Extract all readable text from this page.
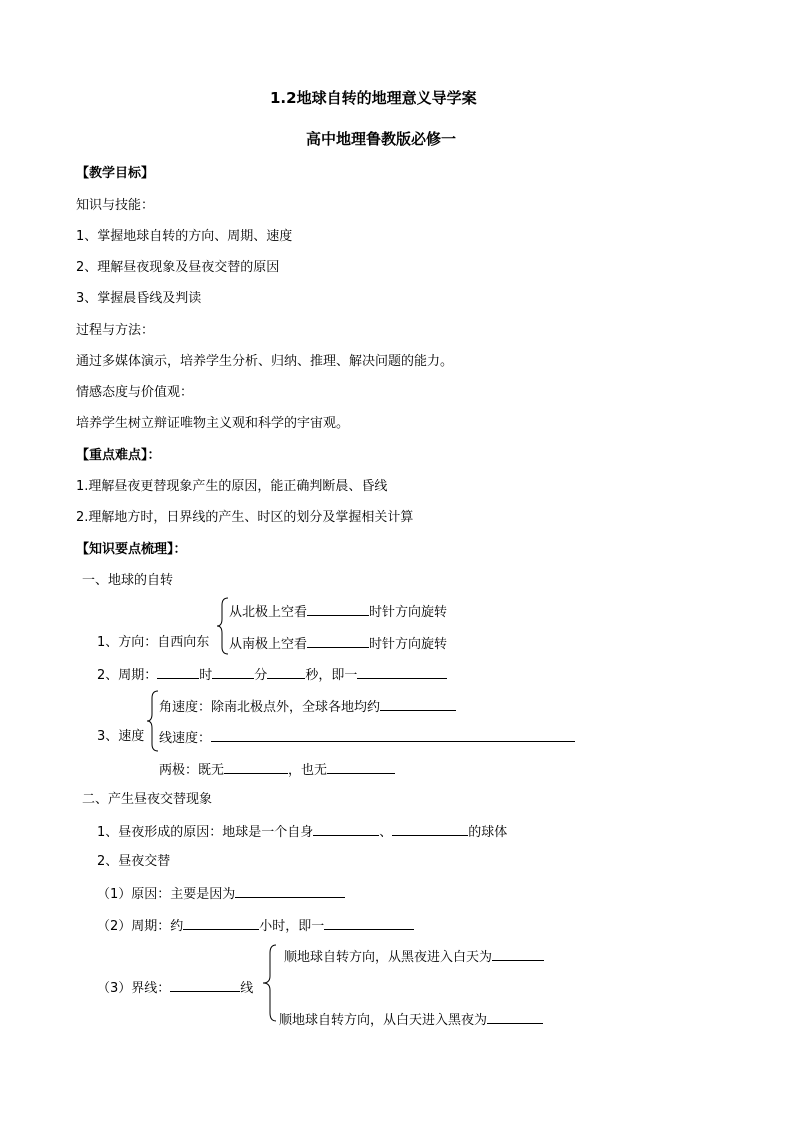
1.2地球自转的地理意义导学案
高中地理鲁教版必修一
【教学目标】
知识与技能：
1、掌握地球自转的方向、周期、速度
2、理解昼夜现象及昼夜交替的原因
3、掌握晨昏线及判读
过程与方法：
通过多媒体演示，培养学生分析、归纳、推理、解决问题的能力。
情感态度与价值观：
培养学生树立辩证唯物主义观和科学的宇宙观。
【重点难点】：
1.理解昼夜更替现象产生的原因，能正确判断晨、昏线
2.理解地方时，日界线的产生、时区的划分及掌握相关计算
【知识要点梳理】：
一、地球的自转
1、方向：自西向东
从北极上空看	时针方向旋转
从南极上空看	时针方向旋转
2、周期：	时	分	秒，即一
3、速度
角速度：除南北极点外，全球各地均约
线速度：
两极：既无	，也无
二、产生昼夜交替现象
1、昼夜形成的原因：地球是一个自身	、	的球体
2、昼夜交替
（1）原因：主要是因为
（2）周期：约	小时，即一
（3）界线：	线
顺地球自转方向，从黑夜进入白天为
顺地球自转方向，从白天进入黑夜为
